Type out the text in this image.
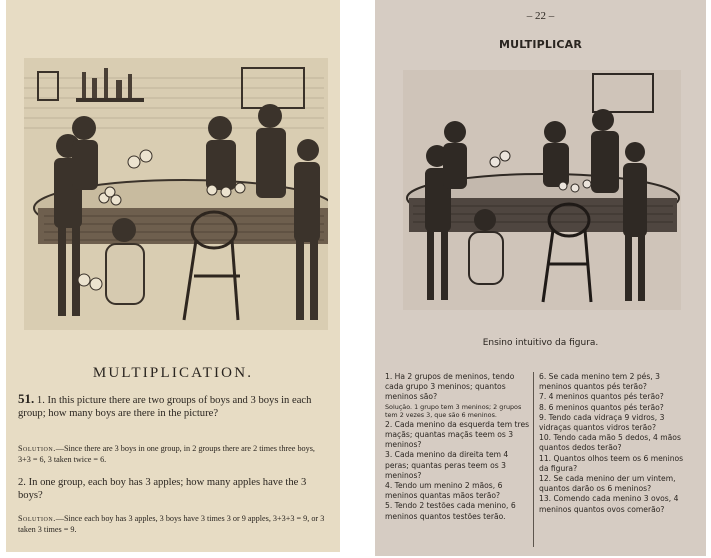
MULTIPLICATION.
51. 1. In this picture there are two groups of boys and 3 boys in each group; how many boys are there in the picture?
Solution.—Since there are 3 boys in one group, in 2 groups there are 2 times three boys, 3+3 = 6, 3 taken twice = 6.
2. In one group, each boy has 3 apples; how many apples have the 3 boys?
Solution.—Since each boy has 3 apples, 3 boys have 3 times 3 or 9 apples, 3+3+3 = 9, or 3 taken 3 times = 9.
– 22 –
MULTIPLICAR
Ensino intuitivo da figura.

1. Ha 2 grupos de meninos, tendo cada grupo 3 meninos; quantos meninos são?

Solução. 1 grupo tem 3 meninos; 2 grupos tem 2 vezes 3, que são 6 meninos.

2. Cada menino da esquerda tem tres maçãs; quantas maçãs teem os 3 meninos?

3. Cada menino da direita tem 4 peras; quantas peras teem os 3 meninos?

4. Tendo um menino 2 mãos, 6 meninos quantas mãos terão?

5. Tendo 2 testões cada menino, 6 meninos quantos testões terão.

6. Se cada menino tem 2 pés, 3 meninos quantos pés terão?

7. 4 meninos quantos pés terão?

8. 6 meninos quantos pés terão?

9. Tendo cada vidraça 9 vidros, 3 vidraças quantos vidros terão?

10. Tendo cada mão 5 dedos, 4 mãos quantos dedos terão?

11. Quantos olhos teem os 6 meninos da figura?

12. Se cada menino der um vintem, quantos darão os 6 meninos?

13. Comendo cada menino 3 ovos, 4 meninos quantos ovos comerão?
